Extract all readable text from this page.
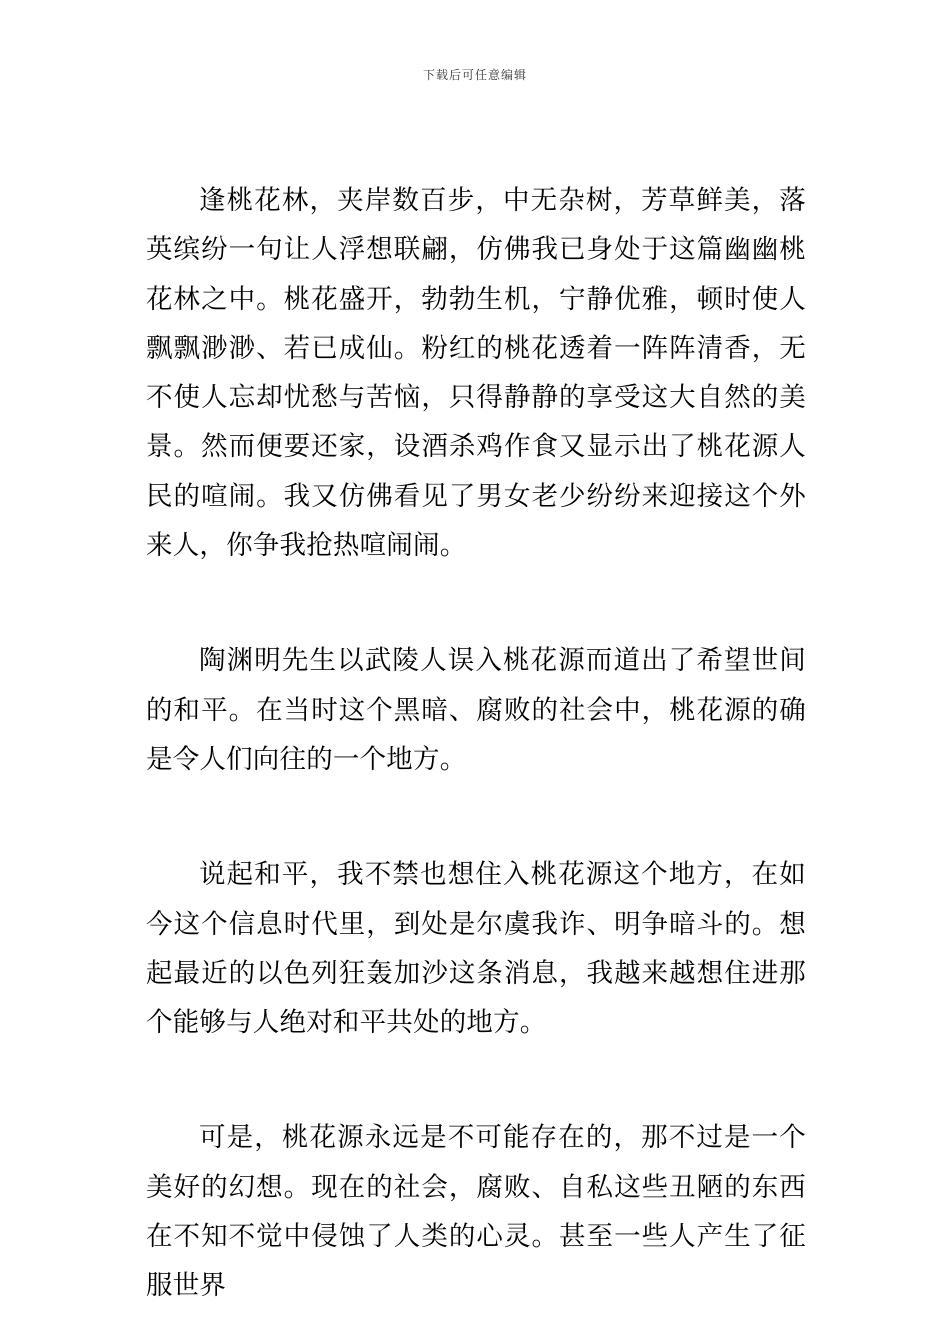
下载后可任意编辑

逢桃花林，夹岸数百步，中无杂树，芳草鲜美，落英缤纷一句让人浮想联翩，仿佛我已身处于这篇幽幽桃花林之中。桃花盛开，勃勃生机，宁静优雅，顿时使人飘飘渺渺、若已成仙。粉红的桃花透着一阵阵清香，无不使人忘却忧愁与苦恼，只得静静的享受这大自然的美景。然而便要还家，设酒杀鸡作食又显示出了桃花源人民的喧闹。我又仿佛看见了男女老少纷纷来迎接这个外来人，你争我抢热喧闹闹。

陶渊明先生以武陵人误入桃花源而道出了希望世间的和平。在当时这个黑暗、腐败的社会中，桃花源的确是令人们向往的一个地方。

说起和平，我不禁也想住入桃花源这个地方，在如今这个信息时代里，到处是尔虞我诈、明争暗斗的。想起最近的以色列狂轰加沙这条消息，我越来越想住进那个能够与人绝对和平共处的地方。

可是，桃花源永远是不可能存在的，那不过是一个美好的幻想。现在的社会，腐败、自私这些丑陋的东西在不知不觉中侵蚀了人类的心灵。甚至一些人产生了征服世界
